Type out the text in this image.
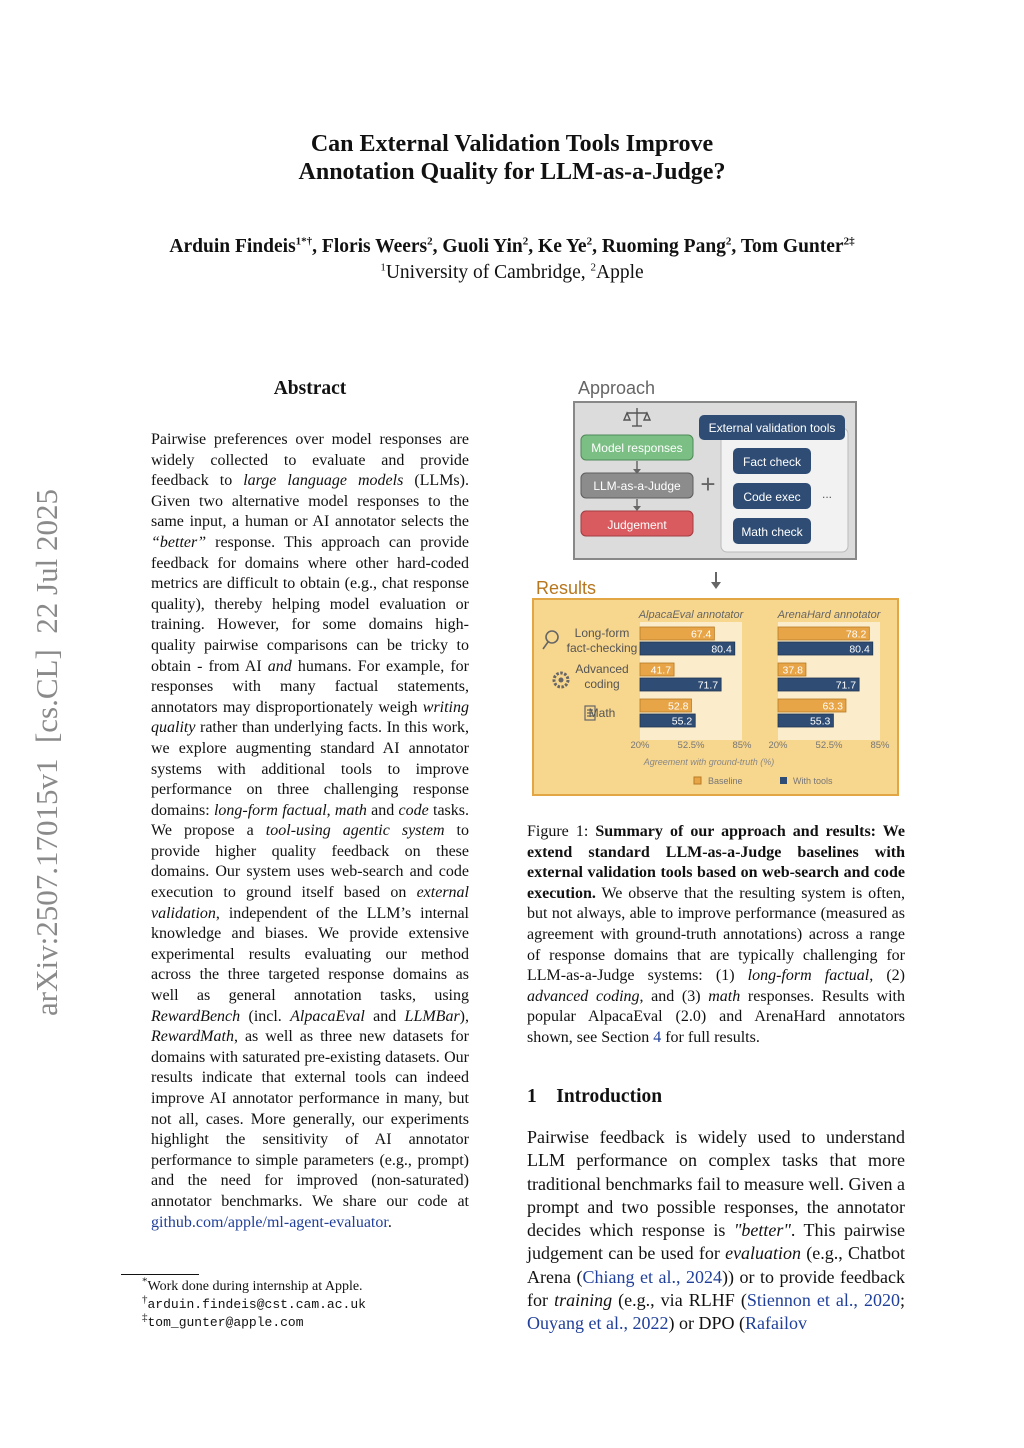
arXiv:2507.17015v1  [cs.CL]  22 Jul 2025
Can External Validation Tools Improve
Annotation Quality for LLM-as-a-Judge?
Arduin Findeis$^{1*\dagger}$, Floris Weers$^2$, Guoli Yin$^2$, Ke Ye$^2$, Ruoming Pang$^2$, Tom Gunter$^{2\ddagger}$
$^1$University of Cambridge, $^2$Apple
Abstract
Pairwise preferences over model responses are widely collected to evaluate and provide feedback to large language models (LLMs). Given two alternative model responses to the same input, a human or AI annotator selects the “better” response. This approach can provide feedback for domains where other hard-coded metrics are difficult to obtain (e.g., chat response quality), thereby helping model evaluation or training. However, for some domains high-quality pairwise comparisons can be tricky to obtain - from AI and humans. For example, for responses with many factual statements, annotators may disproportionately weigh writing quality rather than underlying facts. In this work, we explore augmenting standard AI annotator systems with additional tools to improve performance on three challenging response domains: long-form factual, math and code tasks. We propose a tool-using agentic system to provide higher quality feedback on these domains. Our system uses web-search and code execution to ground itself based on external validation, independent of the LLM’s internal knowledge and biases. We provide extensive experimental results evaluating our method across the three targeted response domains as well as general annotation tasks, using RewardBench (incl. AlpacaEval and LLMBar), RewardMath, as well as three new datasets for domains with saturated pre-existing datasets. Our results indicate that external tools can indeed improve AI annotator performance in many, but not all, cases. More generally, our experiments highlight the sensitivity of AI annotator performance to simple parameters (e.g., prompt) and the need for improved (non-saturated) annotator benchmarks. We share our code at github.com/apple/ml-agent-evaluator.
*Work done during internship at Apple.
†arduin.findeis@cst.cam.ac.uk
‡tom_gunter@apple.com
Approach
Model responses
LLM-as-a-Judge
Judgement
+
External validation tools
Fact check
Code exec ...
Math check
Results
AlpacaEval annotator	ArenaHard annotator
Long-form
fact-checking
Advanced
coding
Math
67.4
41.7
52.8
80.4
71.7
55.2
20%	52.5%	85%
78.2
37.8
63.3
80.4
71.7
55.3
20%	52.5%	85%
Baseline	With tools
Agreement with ground-truth (%)
Figure 1: Summary of our approach and results: We extend standard LLM-as-a-Judge baselines with external validation tools based on web-search and code execution. We observe that the resulting system is often, but not always, able to improve performance (measured as agreement with ground-truth annotations) across a range of response domains that are typically challenging for LLM-as-a-Judge systems: (1) long-form factual, (2) advanced coding, and (3) math responses. Results with popular AlpacaEval (2.0) and ArenaHard annotators shown, see Section 4 for full results.
1 Introduction
Pairwise feedback is widely used to understand LLM performance on complex tasks that more traditional benchmarks fail to measure well. Given a prompt and two possible responses, the annotator decides which response is "better". This pairwise judgement can be used for evaluation (e.g., Chatbot Arena (Chiang et al., 2024)) or to provide feedback for training (e.g., via RLHF (Stiennon et al., 2020; Ouyang et al., 2022) or DPO (Rafailov
